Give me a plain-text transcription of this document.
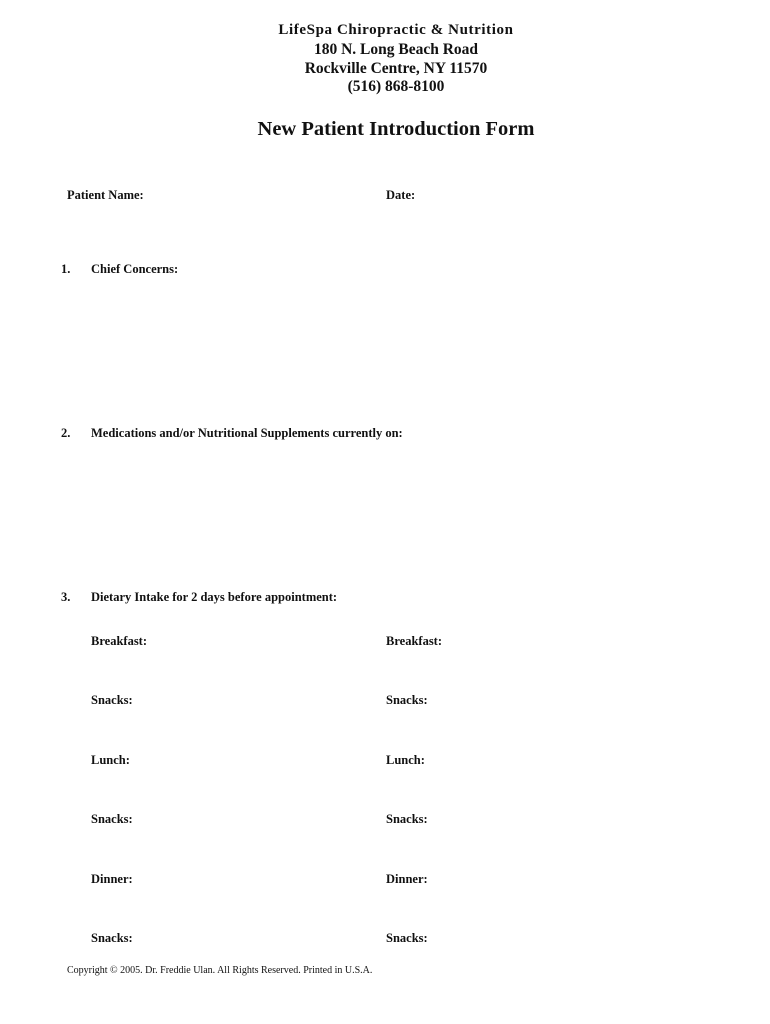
LifeSpa Chiropractic & Nutrition
180 N. Long Beach Road
Rockville Centre, NY 11570
(516) 868-8100
New Patient Introduction Form
Patient Name:	Date:
1. Chief Concerns:
2. Medications and/or Nutritional Supplements currently on:
3. Dietary Intake for 2 days before appointment:
Breakfast:
Snacks:
Lunch:
Snacks:
Dinner:
Snacks:
Breakfast:
Snacks:
Lunch:
Snacks:
Dinner:
Snacks:
Copyright © 2005. Dr. Freddie Ulan. All Rights Reserved. Printed in U.S.A.
